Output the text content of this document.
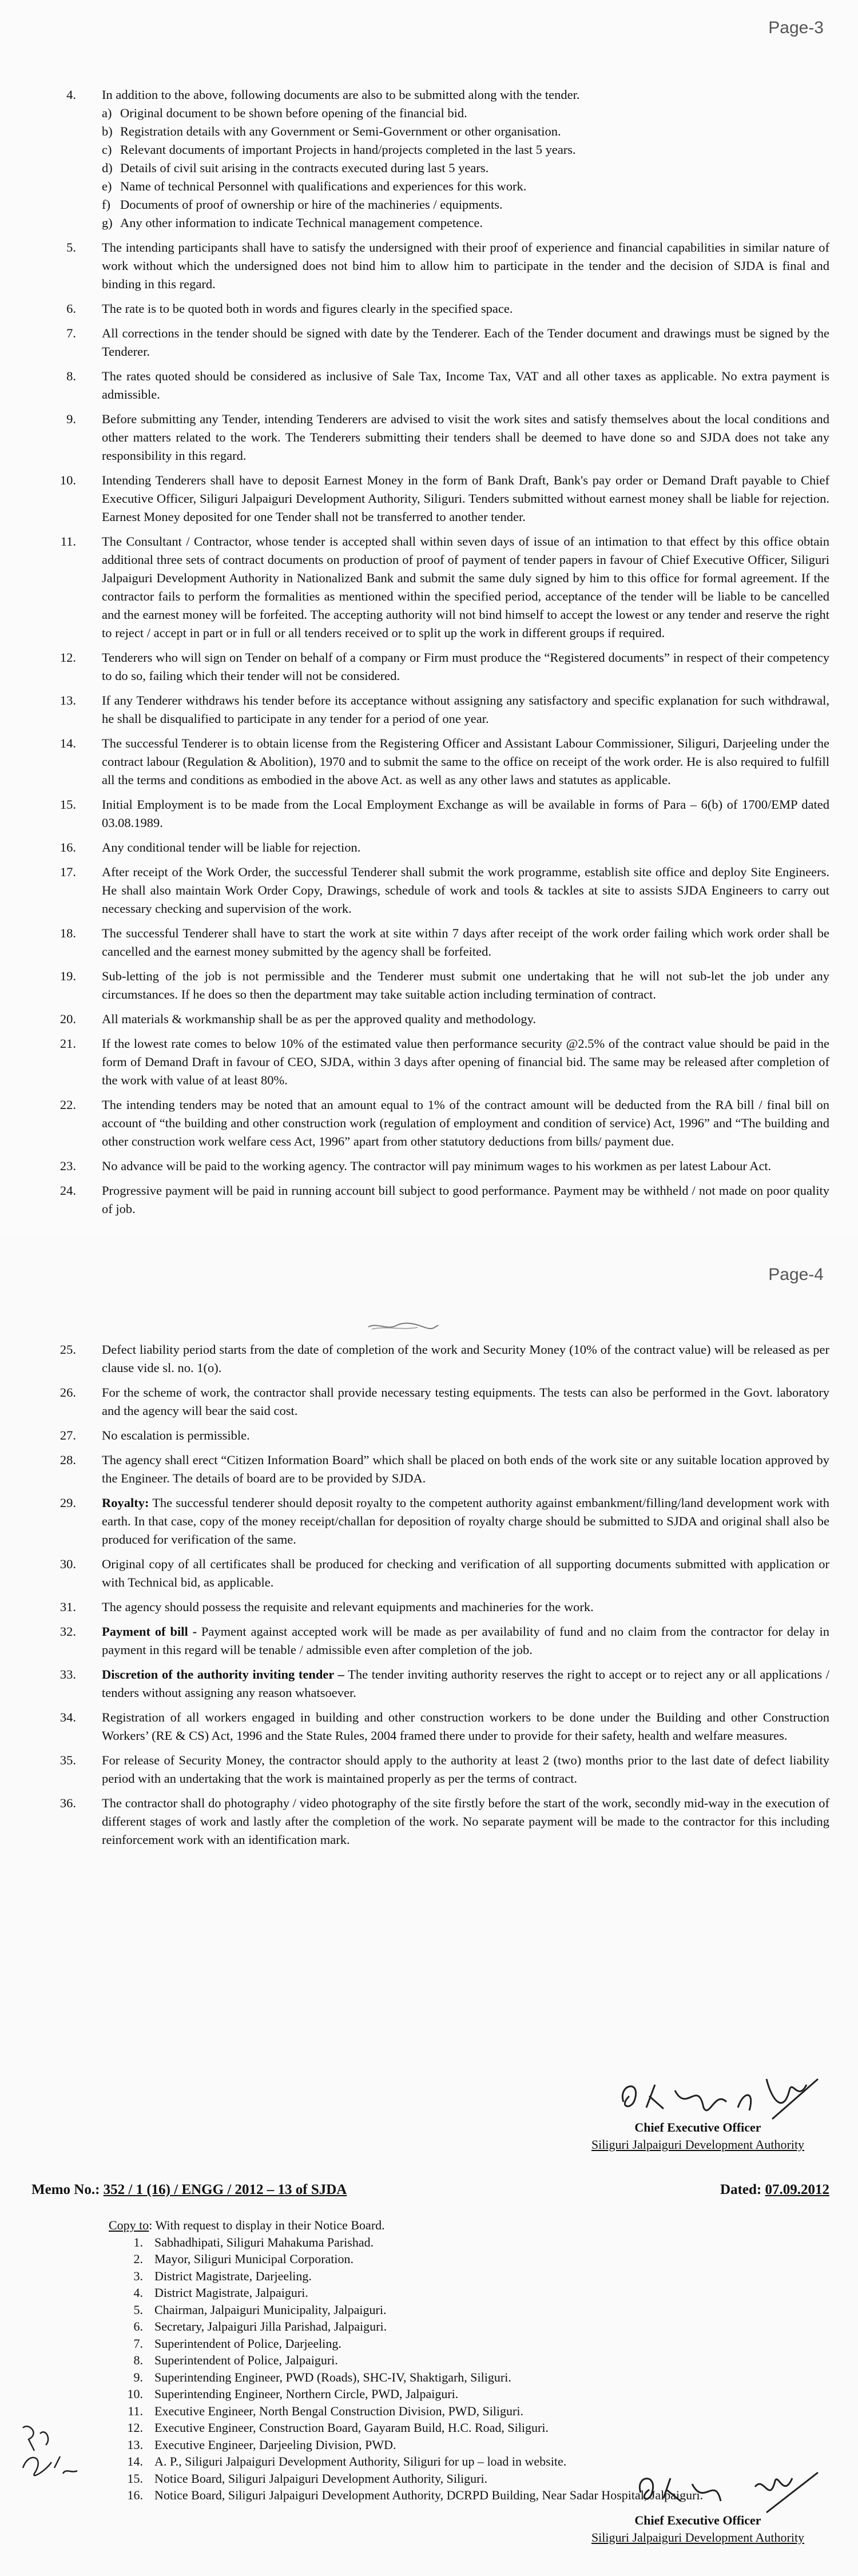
Page-3
4.	In addition to the above, following documents are also to be submitted along with the tender.
a) Original document to be shown before opening of the financial bid.
b) Registration details with any Government or Semi-Government or other organisation.
c) Relevant documents of important Projects in hand/projects completed in the last 5 years.
d) Details of civil suit arising in the contracts executed during last 5 years.
e) Name of technical Personnel with qualifications and experiences for this work.
f) Documents of proof of ownership or hire of the machineries / equipments.
g) Any other information to indicate Technical management competence.
5.	The intending participants shall have to satisfy the undersigned with their proof of experience and financial capabilities in similar nature of work without which the undersigned does not bind him to allow him to participate in the tender and the decision of SJDA is final and binding in this regard.
6.	The rate is to be quoted both in words and figures clearly in the specified space.
7.	All corrections in the tender should be signed with date by the Tenderer. Each of the Tender document and drawings must be signed by the Tenderer.
8.	The rates quoted should be considered as inclusive of Sale Tax, Income Tax, VAT and all other taxes as applicable. No extra payment is admissible.
9.	Before submitting any Tender, intending Tenderers are advised to visit the work sites and satisfy themselves about the local conditions and other matters related to the work. The Tenderers submitting their tenders shall be deemed to have done so and SJDA does not take any responsibility in this regard.
10.	Intending Tenderers shall have to deposit Earnest Money in the form of Bank Draft, Bank's pay order or Demand Draft payable to Chief Executive Officer, Siliguri Jalpaiguri Development Authority, Siliguri. Tenders submitted without earnest money shall be liable for rejection. Earnest Money deposited for one Tender shall not be transferred to another tender.
11.	The Consultant / Contractor, whose tender is accepted shall within seven days of issue of an intimation to that effect by this office obtain additional three sets of contract documents on production of proof of payment of tender papers in favour of Chief Executive Officer, Siliguri Jalpaiguri Development Authority in Nationalized Bank and submit the same duly signed by him to this office for formal agreement. If the contractor fails to perform the formalities as mentioned within the specified period, acceptance of the tender will be liable to be cancelled and the earnest money will be forfeited. The accepting authority will not bind himself to accept the lowest or any tender and reserve the right to reject / accept in part or in full or all tenders received or to split up the work in different groups if required.
12.	Tenderers who will sign on Tender on behalf of a company or Firm must produce the “Registered documents” in respect of their competency to do so, failing which their tender will not be considered.
13.	If any Tenderer withdraws his tender before its acceptance without assigning any satisfactory and specific explanation for such withdrawal, he shall be disqualified to participate in any tender for a period of one year.
14.	The successful Tenderer is to obtain license from the Registering Officer and Assistant Labour Commissioner, Siliguri, Darjeeling under the contract labour (Regulation & Abolition), 1970 and to submit the same to the office on receipt of the work order. He is also required to fulfill all the terms and conditions as embodied in the above Act. as well as any other laws and statutes as applicable.
15.	Initial Employment is to be made from the Local Employment Exchange as will be available in forms of Para – 6(b) of 1700/EMP dated 03.08.1989.
16.	Any conditional tender will be liable for rejection.
17.	After receipt of the Work Order, the successful Tenderer shall submit the work programme, establish site office and deploy Site Engineers. He shall also maintain Work Order Copy, Drawings, schedule of work and tools & tackles at site to assists SJDA Engineers to carry out necessary checking and supervision of the work.
18.	The successful Tenderer shall have to start the work at site within 7 days after receipt of the work order failing which work order shall be cancelled and the earnest money submitted by the agency shall be forfeited.
19.	Sub-letting of the job is not permissible and the Tenderer must submit one undertaking that he will not sub-let the job under any circumstances. If he does so then the department may take suitable action including termination of contract.
20.	All materials & workmanship shall be as per the approved quality and methodology.
21.	If the lowest rate comes to below 10% of the estimated value then performance security @2.5% of the contract value should be paid in the form of Demand Draft in favour of CEO, SJDA, within 3 days after opening of financial bid. The same may be released after completion of the work with value of at least 80%.
22.	The intending tenders may be noted that an amount equal to 1% of the contract amount will be deducted from the RA bill / final bill on account of “the building and other construction work (regulation of employment and condition of service) Act, 1996” and “The building and other construction work welfare cess Act, 1996” apart from other statutory deductions from bills/ payment due.
23.	No advance will be paid to the working agency. The contractor will pay minimum wages to his workmen as per latest Labour Act.
24.	Progressive payment will be paid in running account bill subject to good performance. Payment may be withheld / not made on poor quality of job.
Page-4
25.	Defect liability period starts from the date of completion of the work and Security Money (10% of the contract value) will be released as per clause vide sl. no. 1(o).
26.	For the scheme of work, the contractor shall provide necessary testing equipments. The tests can also be performed in the Govt. laboratory and the agency will bear the said cost.
27.	No escalation is permissible.
28.	The agency shall erect “Citizen Information Board” which shall be placed on both ends of the work site or any suitable location approved by the Engineer. The details of board are to be provided by SJDA.
29.	Royalty: The successful tenderer should deposit royalty to the competent authority against embankment/filling/land development work with earth. In that case, copy of the money receipt/challan for deposition of royalty charge should be submitted to SJDA and original shall also be produced for verification of the same.
30.	Original copy of all certificates shall be produced for checking and verification of all supporting documents submitted with application or with Technical bid, as applicable.
31.	The agency should possess the requisite and relevant equipments and machineries for the work.
32.	Payment of bill - Payment against accepted work will be made as per availability of fund and no claim from the contractor for delay in payment in this regard will be tenable / admissible even after completion of the job.
33.	Discretion of the authority inviting tender – The tender inviting authority reserves the right to accept or to reject any or all applications / tenders without assigning any reason whatsoever.
34.	Registration of all workers engaged in building and other construction workers to be done under the Building and other Construction Workers’ (RE & CS) Act, 1996 and the State Rules, 2004 framed there under to provide for their safety, health and welfare measures.
35.	For release of Security Money, the contractor should apply to the authority at least 2 (two) months prior to the last date of defect liability period with an undertaking that the work is maintained properly as per the terms of contract.
36.	The contractor shall do photography / video photography of the site firstly before the start of the work, secondly mid-way in the execution of different stages of work and lastly after the completion of the work. No separate payment will be made to the contractor for this including reinforcement work with an identification mark.
Chief Executive Officer
Siliguri Jalpaiguri Development Authority
Memo No.: 352 / 1 (16) / ENGG / 2012 – 13 of SJDA	Dated: 07.09.2012
Copy to: With request to display in their Notice Board.
1. Sabhadhipati, Siliguri Mahakuma Parishad.
2. Mayor, Siliguri Municipal Corporation.
3. District Magistrate, Darjeeling.
4. District Magistrate, Jalpaiguri.
5. Chairman, Jalpaiguri Municipality, Jalpaiguri.
6. Secretary, Jalpaiguri Jilla Parishad, Jalpaiguri.
7. Superintendent of Police, Darjeeling.
8. Superintendent of Police, Jalpaiguri.
9. Superintending Engineer, PWD (Roads), SHC-IV, Shaktigarh, Siliguri.
10. Superintending Engineer, Northern Circle, PWD, Jalpaiguri.
11. Executive Engineer, North Bengal Construction Division, PWD, Siliguri.
12. Executive Engineer, Construction Board, Gayaram Build, H.C. Road, Siliguri.
13. Executive Engineer, Darjeeling Division, PWD.
14. A. P., Siliguri Jalpaiguri Development Authority, Siliguri for up – load in website.
15. Notice Board, Siliguri Jalpaiguri Development Authority, Siliguri.
16. Notice Board, Siliguri Jalpaiguri Development Authority, DCRPD Building, Near Sadar Hospital, Jalpaiguri.
Chief Executive Officer
Siliguri Jalpaiguri Development Authority
